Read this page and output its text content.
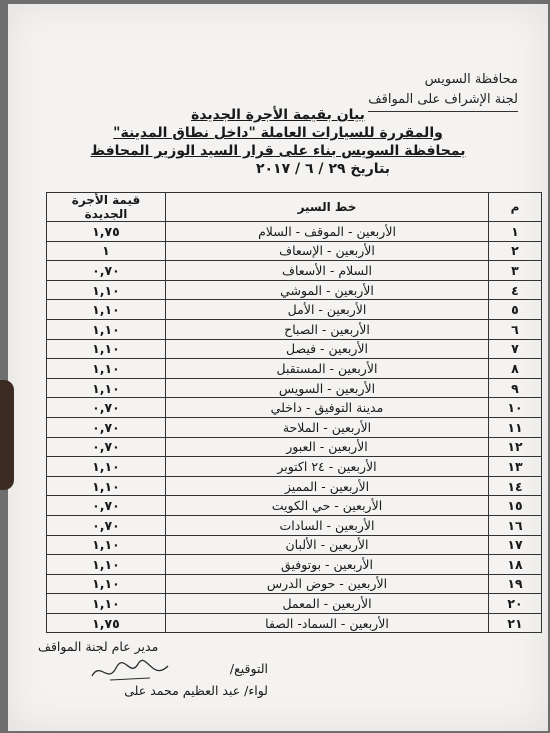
محافظة السويس
لجنة الإشراف على المواقف
بيان بقيمة الأجرة الجديدة
والمقررة للسيارات العاملة "داخل نطاق المدينة"
بمحافظة السويس بناء على قرار السيد الوزير المحافظ
بتاريخ ٢٩ / ٦ / ٢٠١٧
م	خط السير	قيمة الأجرة الجديدة
١	الأربعين - الموقف - السلام	١,٧٥
٢	الأربعين - الإسعاف	١
٣	السلام - الأسعاف	٠,٧٠
٤	الأربعين - الموشي	١,١٠
٥	الأربعين - الأمل	١,١٠
٦	الأربعين - الصباح	١,١٠
٧	الأربعين - فيصل	١,١٠
٨	الأربعين - المستقبل	١,١٠
٩	الأربعين - السويس	١,١٠
١٠	مدينة التوفيق - داخلي	٠,٧٠
١١	الأربعين - الملاحة	٠,٧٠
١٢	الأربعين - العبور	٠,٧٠
١٣	الأربعين - ٢٤ اكتوبر	١,١٠
١٤	الأربعين - المميز	١,١٠
١٥	الأربعين - حي الكويت	٠,٧٠
١٦	الأربعين - السادات	٠,٧٠
١٧	الأربعين - الألبان	١,١٠
١٨	الأربعين - بوتوفيق	١,١٠
١٩	الأربعين - حوض الدرس	١,١٠
٢٠	الأربعين - المعمل	١,١٠
٢١	الأربعين - السماد- الصفا	١,٧٥
مدير عام لجنة المواقف
التوقيع/
لواء/ عبد العظيم محمد على
